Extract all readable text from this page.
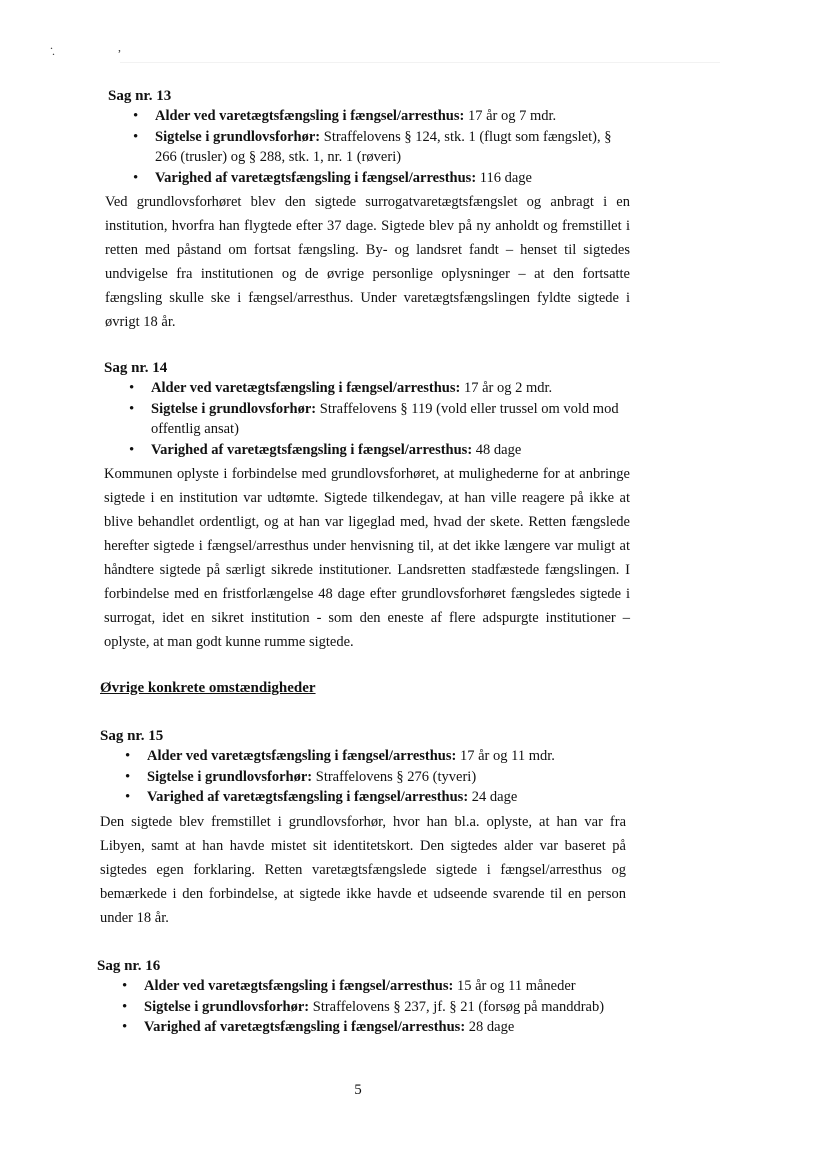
. .	,
Sag nr. 13
• Alder ved varetægtsfængsling i fængsel/arresthus: 17 år og 7 mdr.
• Sigtelse i grundlovsforhør: Straffelovens § 124, stk. 1 (flugt som fængslet), § 266 (trusler) og § 288, stk. 1, nr. 1 (røveri)
• Varighed af varetægtsfængsling i fængsel/arresthus: 116 dage

Ved grundlovsforhøret blev den sigtede surrogatvaretægtsfængslet og anbragt i en institution, hvorfra han flygtede efter 37 dage. Sigtede blev på ny anholdt og fremstillet i retten med påstand om fortsat fængsling. By- og landsret fandt – henset til sigtedes undvigelse fra institutionen og de øvrige personlige oplysninger – at den fortsatte fængsling skulle ske i fængsel/arresthus. Under varetægtsfængslingen fyldte sigtede i øvrigt 18 år.

Sag nr. 14
• Alder ved varetægtsfængsling i fængsel/arresthus: 17 år og 2 mdr.
• Sigtelse i grundlovsforhør: Straffelovens § 119 (vold eller trussel om vold mod offentlig ansat)
• Varighed af varetægtsfængsling i fængsel/arresthus: 48 dage

Kommunen oplyste i forbindelse med grundlovsforhøret, at mulighederne for at anbringe sigtede i en institution var udtømte. Sigtede tilkendegav, at han ville reagere på ikke at blive behandlet ordentligt, og at han var ligeglad med, hvad der skete. Retten fængslede herefter sigtede i fængsel/arresthus under henvisning til, at det ikke længere var muligt at håndtere sigtede på særligt sikrede institutioner. Landsretten stadfæstede fængslingen. I forbindelse med en fristforlængelse 48 dage efter grundlovsforhøret fængsledes sigtede i surrogat, idet en sikret institution - som den eneste af flere adspurgte institutioner – oplyste, at man godt kunne rumme sigtede.

Øvrige konkrete omstændigheder
Sag nr. 15
• Alder ved varetægtsfængsling i fængsel/arresthus: 17 år og 11 mdr.
• Sigtelse i grundlovsforhør: Straffelovens § 276 (tyveri)
• Varighed af varetægtsfængsling i fængsel/arresthus: 24 dage

Den sigtede blev fremstillet i grundlovsforhør, hvor han bl.a. oplyste, at han var fra Libyen, samt at han havde mistet sit identitetskort. Den sigtedes alder var baseret på sigtedes egen forklaring. Retten varetægtsfængslede sigtede i fængsel/arresthus og bemærkede i den forbindelse, at sigtede ikke havde et udseende svarende til en person under 18 år.

Sag nr. 16
• Alder ved varetægtsfængsling i fængsel/arresthus: 15 år og 11 måneder
• Sigtelse i grundlovsforhør: Straffelovens § 237, jf. § 21 (forsøg på manddrab)
• Varighed af varetægtsfængsling i fængsel/arresthus: 28 dage
5
